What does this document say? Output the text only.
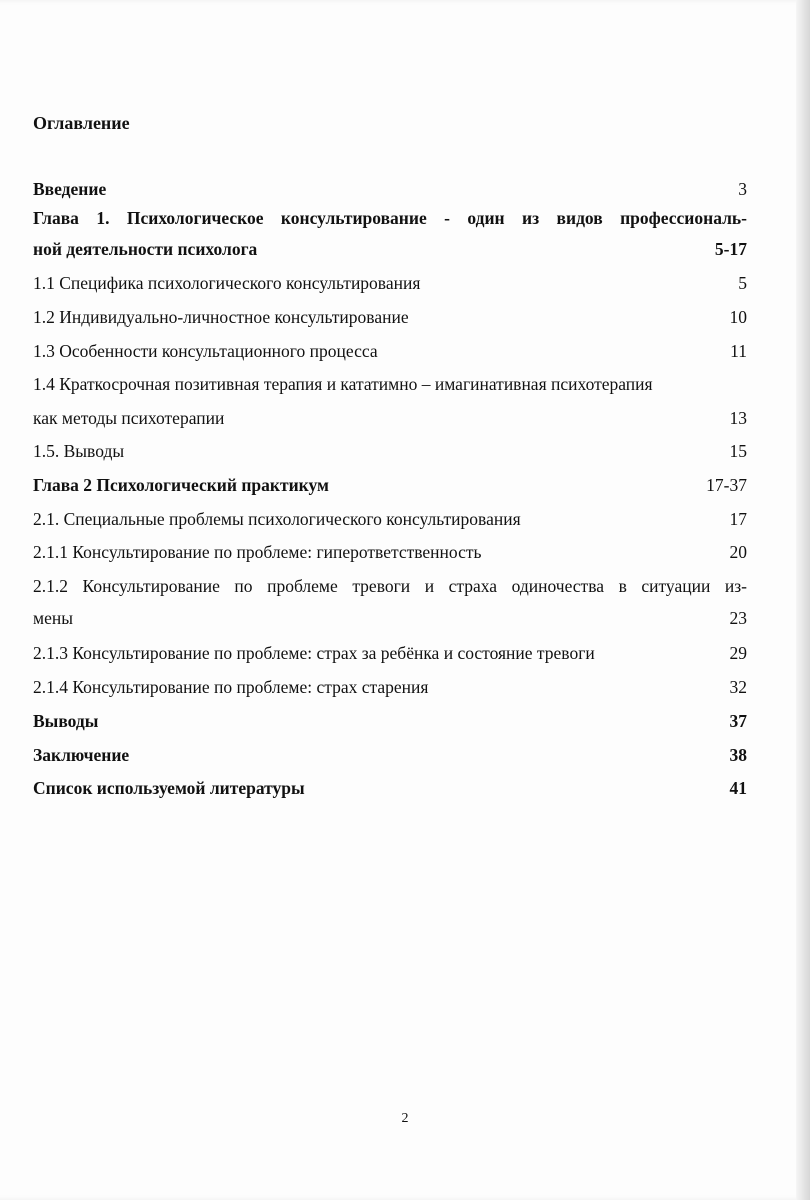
Оглавление
Введение	3
Глава 1. Психологическое консультирование - один из видов профессиональ-
ной деятельности психолога	5-17
1.1 Специфика психологического консультирования	5
1.2 Индивидуально-личностное консультирование	10
1.3 Особенности консультационного процесса	11
1.4 Краткосрочная позитивная терапия и кататимно – имагинативная психотерапия
как методы психотерапии	13
1.5. Выводы	15
Глава 2 Психологический практикум	17-37
2.1. Специальные проблемы психологического консультирования	17
2.1.1 Консультирование по проблеме: гиперответственность	20
2.1.2 Консультирование по проблеме тревоги и страха одиночества в ситуации из-
мены	23
2.1.3 Консультирование по проблеме: страх за ребёнка и состояние тревоги	29
2.1.4 Консультирование по проблеме: страх старения	32
Выводы	37
Заключение	38
Список используемой литературы	41
2
